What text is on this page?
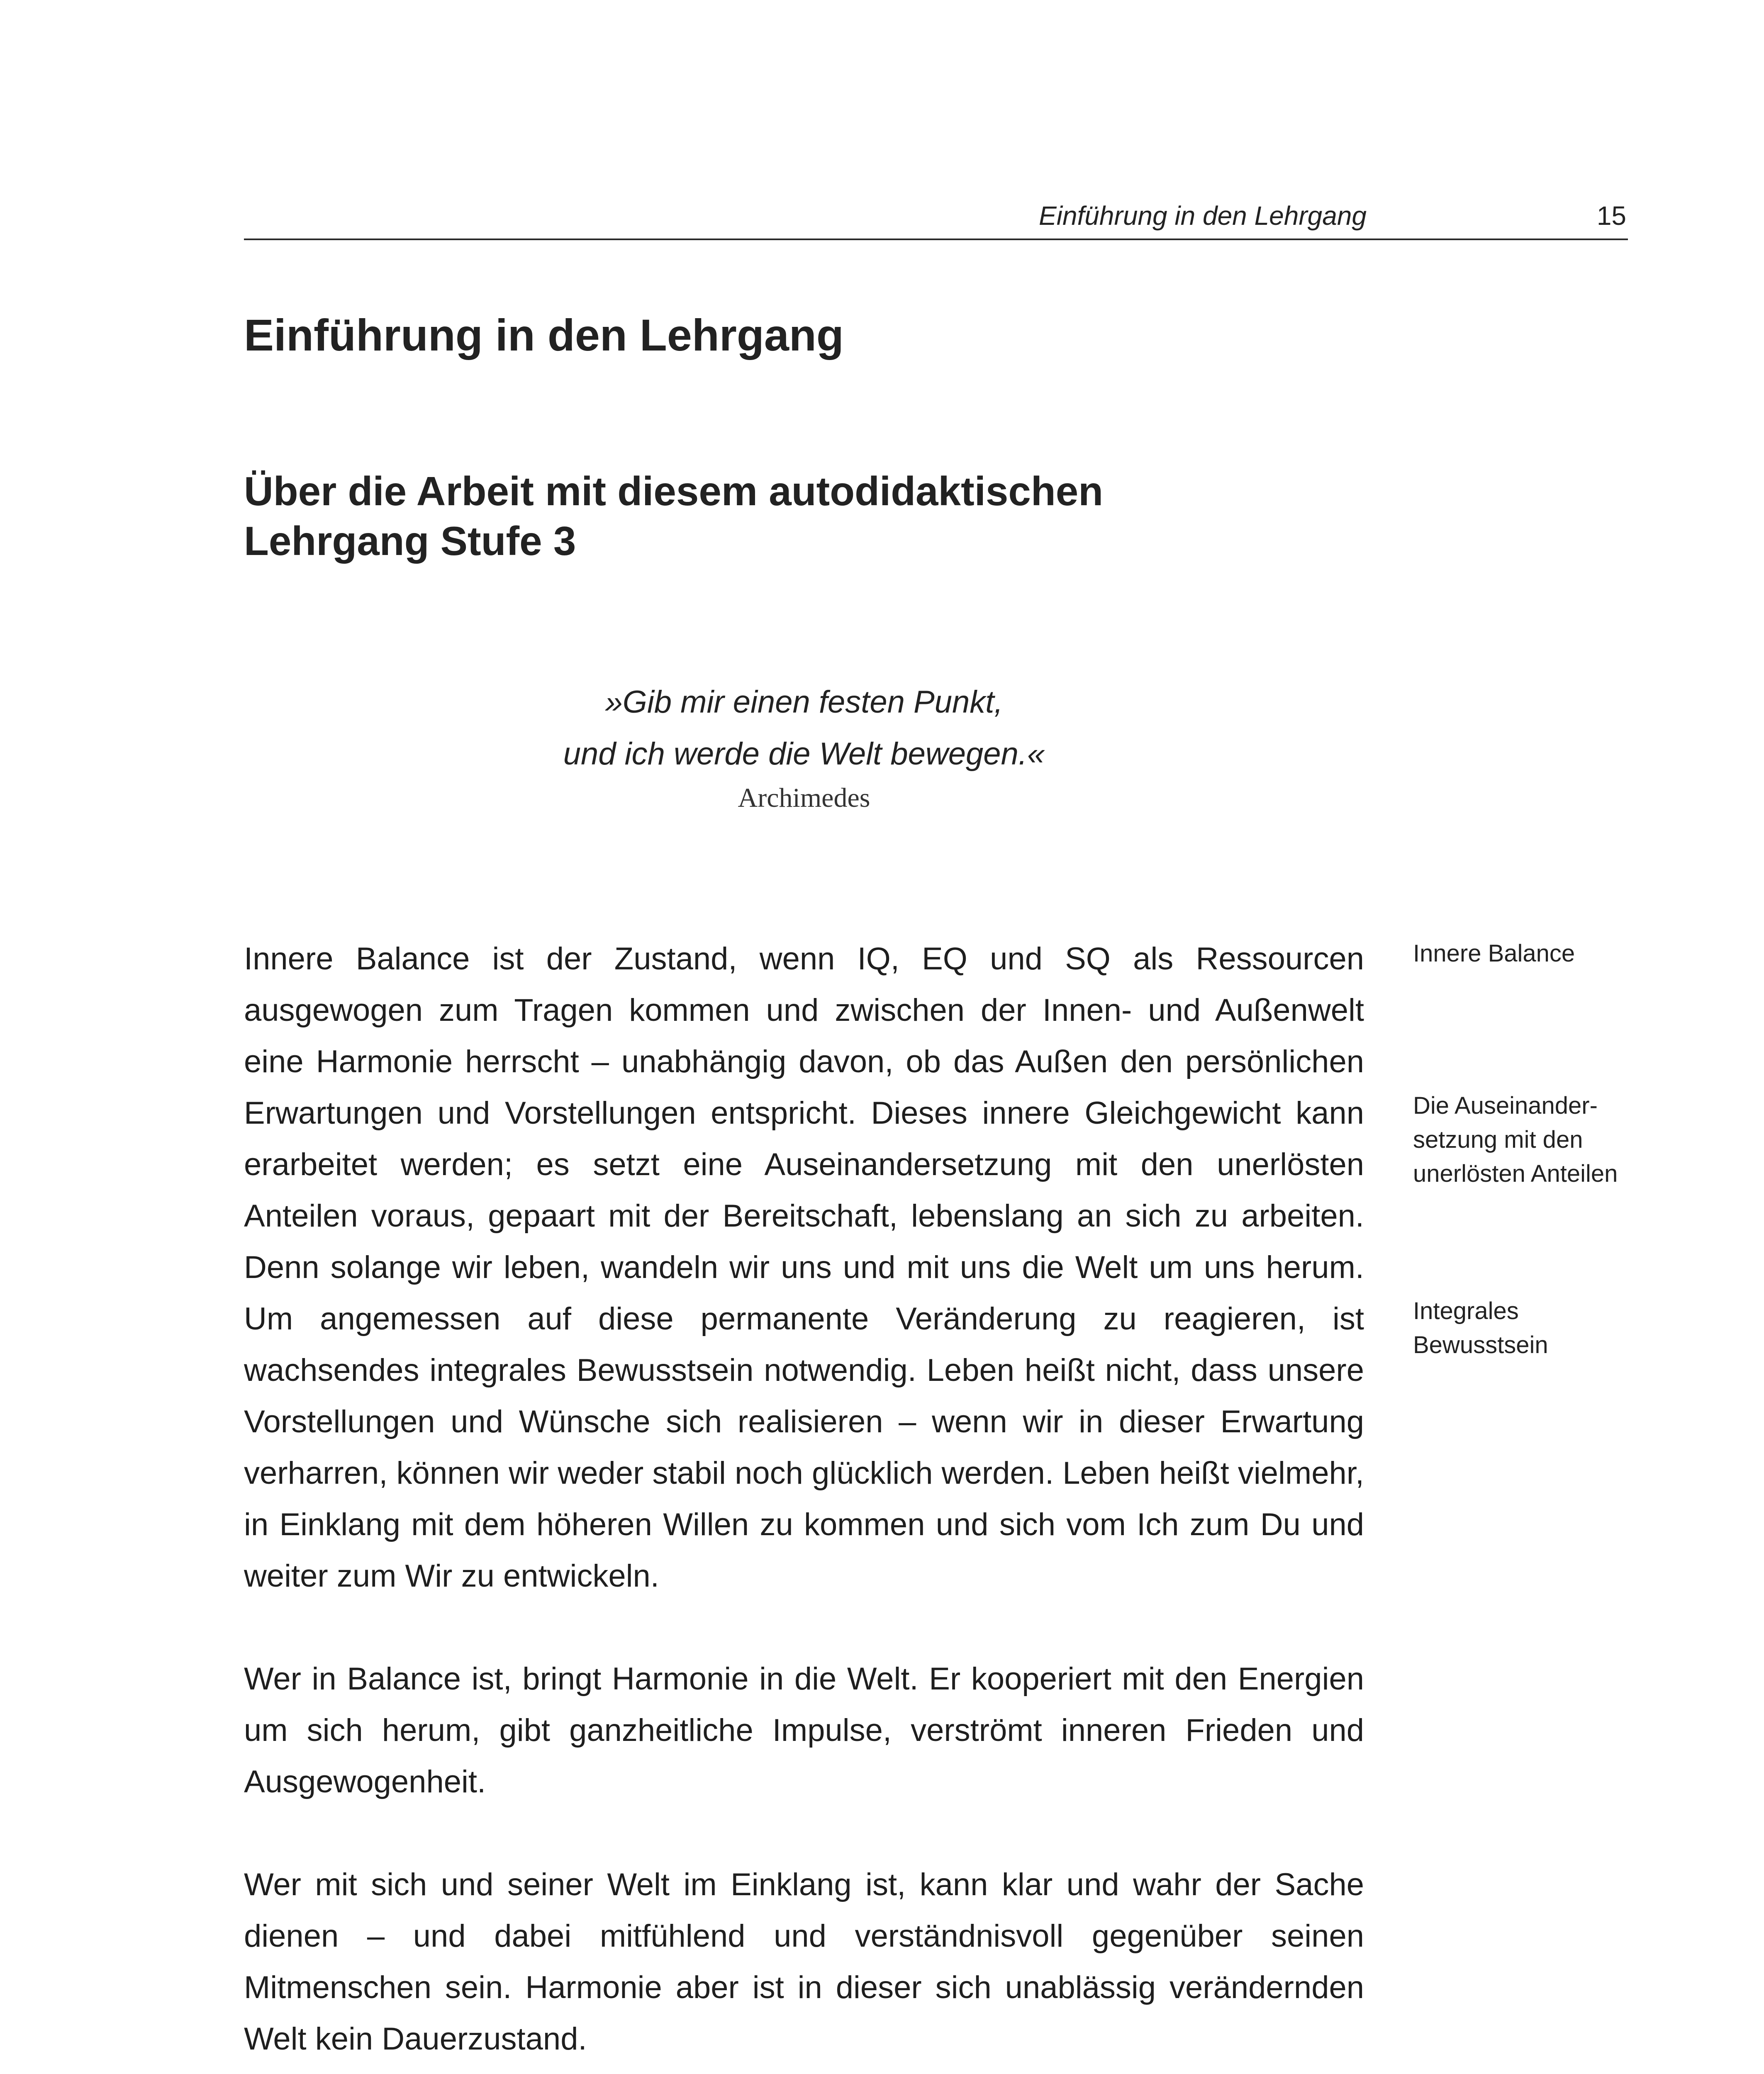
Einführung in den Lehrgang	15
Einführung in den Lehrgang
Über die Arbeit mit diesem autodidaktischen
Lehrgang Stufe 3
»Gib mir einen festen Punkt,
und ich werde die Welt bewegen.«
Archimedes

Innere Balance ist der Zustand, wenn IQ, EQ und SQ als Ressourcen ausgewogen zum Tragen kommen und zwischen der Innen- und Außenwelt eine Harmonie herrscht – unabhängig davon, ob das Außen den persönlichen Erwartungen und Vorstellungen entspricht. Dieses innere Gleichgewicht kann erarbeitet werden; es setzt eine Auseinandersetzung mit den unerlösten Anteilen voraus, gepaart mit der Bereitschaft, lebenslang an sich zu arbeiten. Denn solange wir leben, wandeln wir uns und mit uns die Welt um uns herum. Um angemessen auf diese permanente Veränderung zu reagieren, ist wachsendes integrales Bewusstsein notwendig. Leben heißt nicht, dass unsere Vorstellungen und Wünsche sich realisieren – wenn wir in dieser Erwartung verharren, können wir weder stabil noch glücklich werden. Leben heißt vielmehr, in Einklang mit dem höheren Willen zu kommen und sich vom Ich zum Du und weiter zum Wir zu entwickeln.

Wer in Balance ist, bringt Harmonie in die Welt. Er kooperiert mit den Energien um sich herum, gibt ganzheitliche Impulse, verströmt inneren Frieden und Ausgewogenheit.

Wer mit sich und seiner Welt im Einklang ist, kann klar und wahr der Sache dienen – und dabei mitfühlend und verständnisvoll gegenüber seinen Mitmenschen sein. Harmonie aber ist in dieser sich unablässig verändernden Welt kein Dauerzustand.

Innere Balance
Die Auseinander-
setzung mit den
unerlösten Anteilen
Integrales
Bewusstsein
